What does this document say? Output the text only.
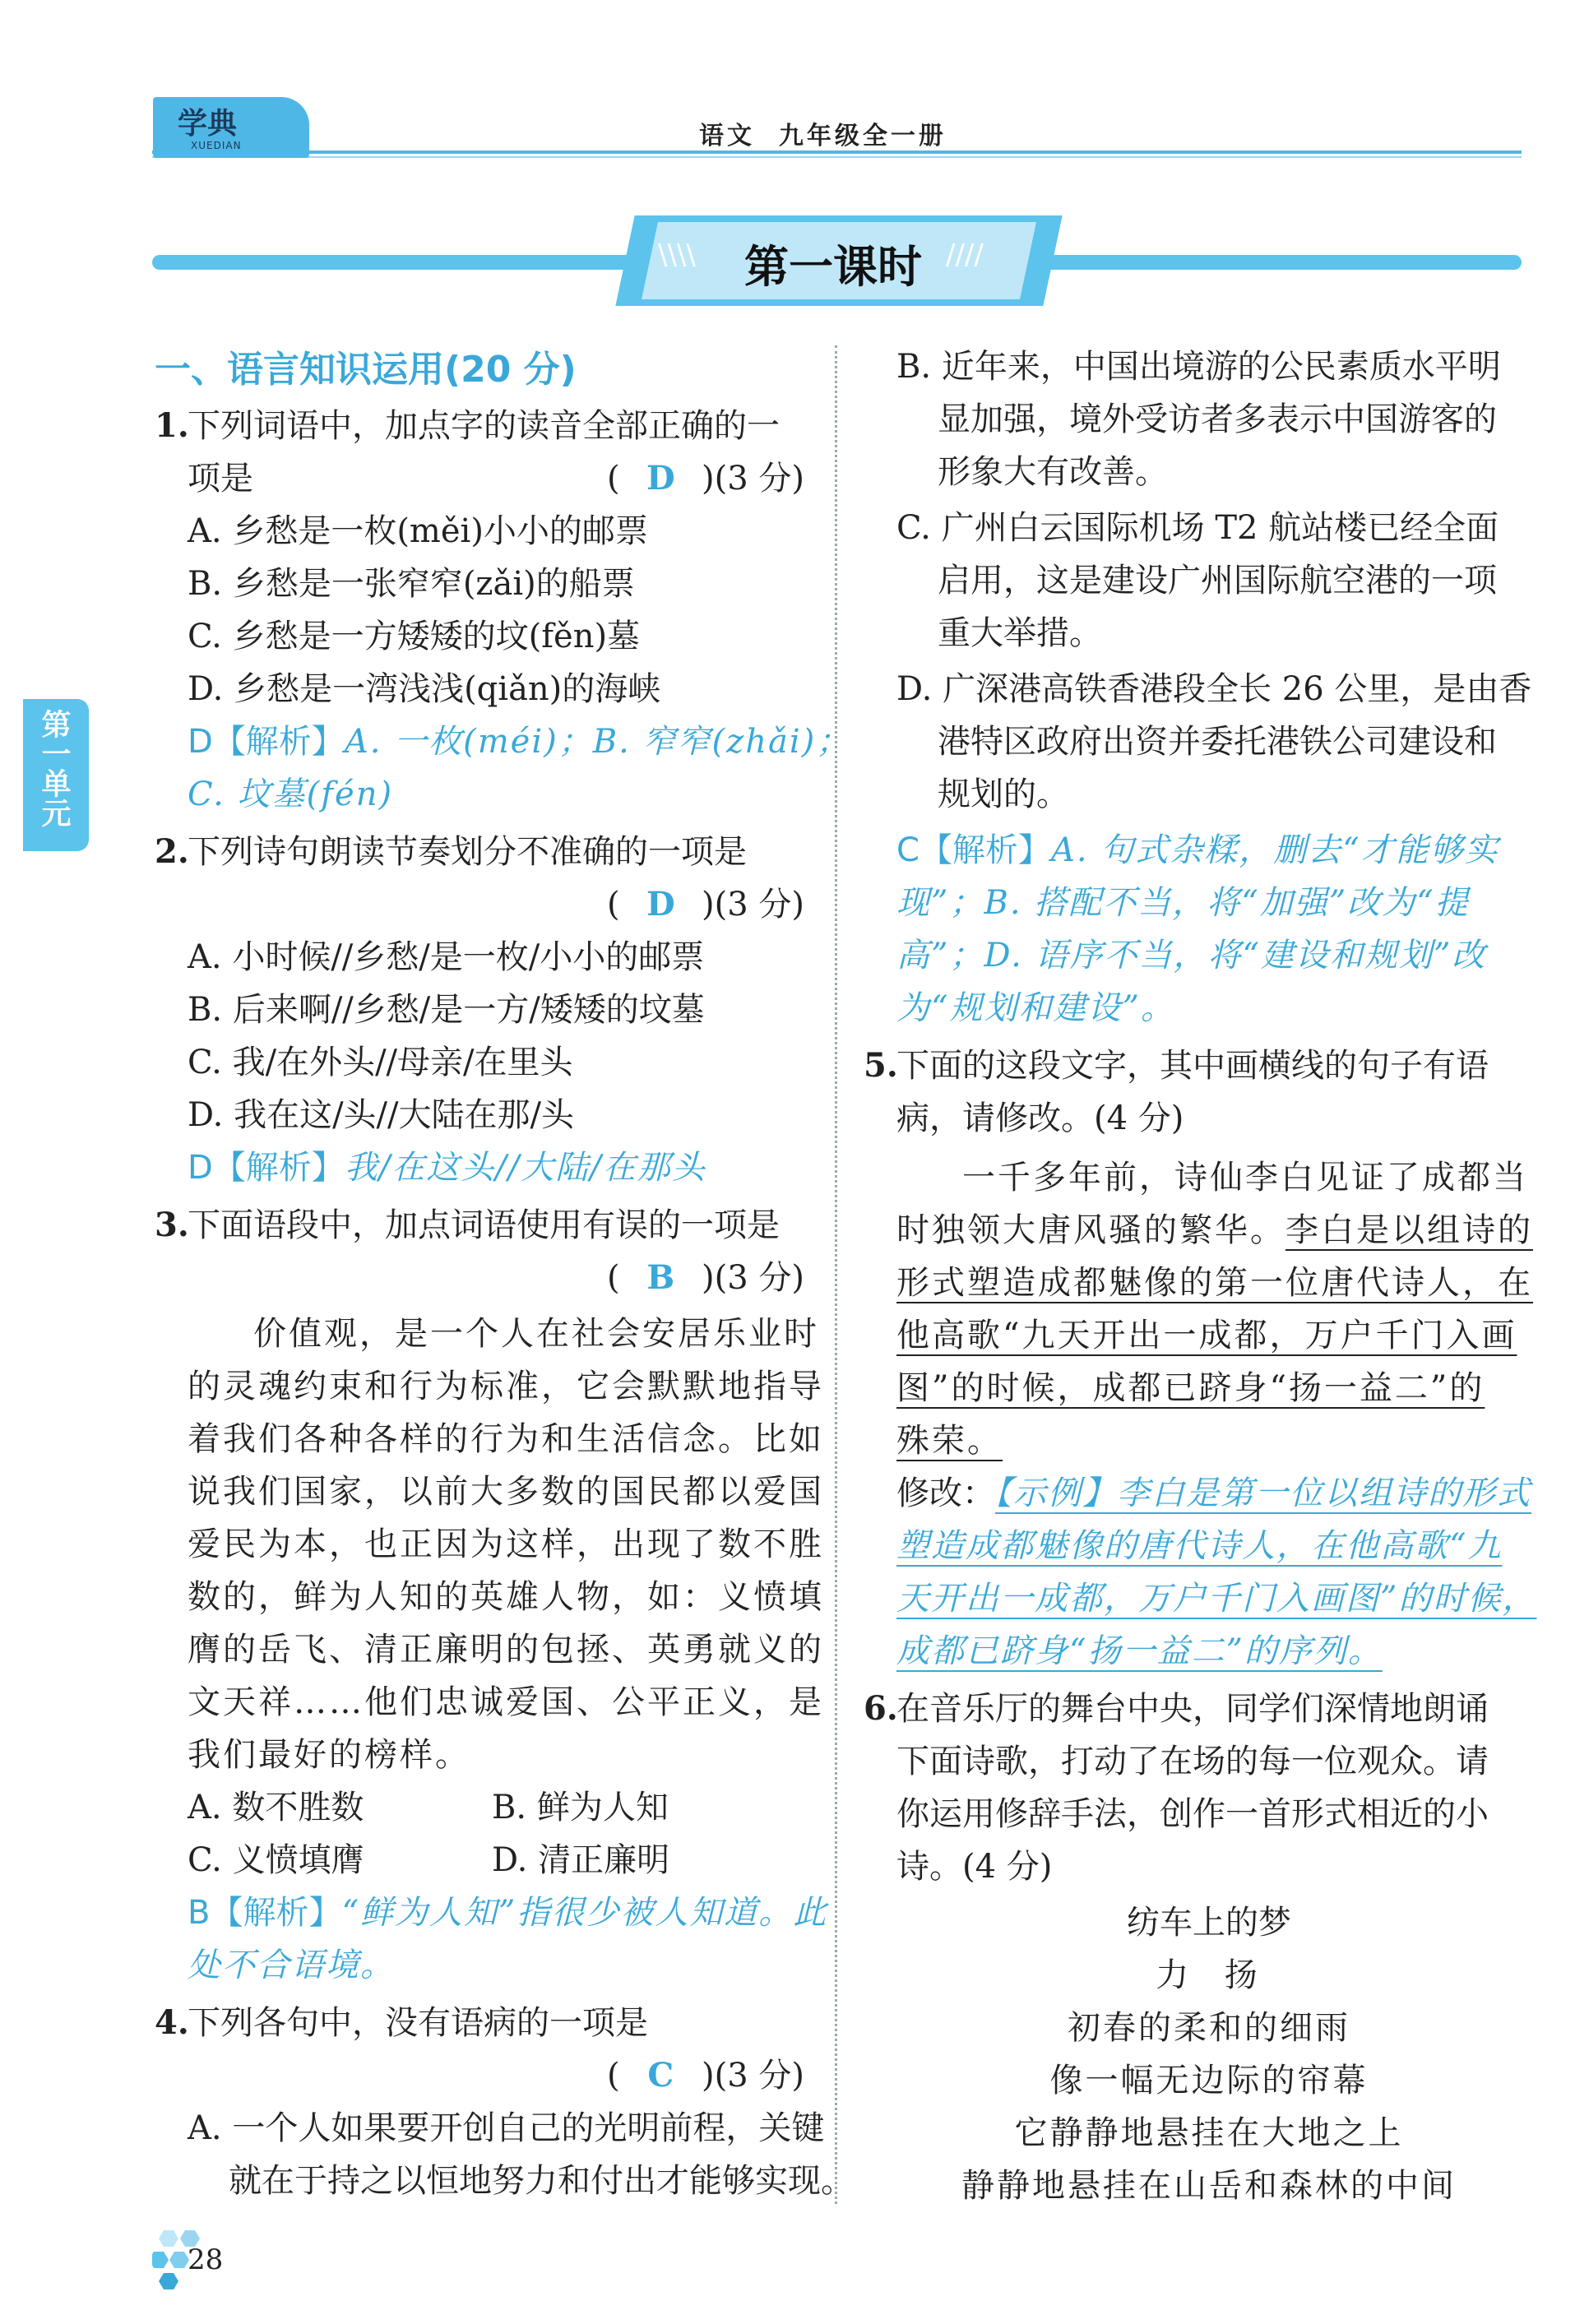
学典
XUEDIAN	语文  九年级全一册
\\\\ 第一课时 ////
第一单元
一、语言知识运用(20 分)
1.
下列词语中，加点字的读音全部正确的一
项是	( D )(3 分)
A. 乡愁是一枚(měi)小小的邮票
B. 乡愁是一张窄窄(zǎi)的船票
C. 乡愁是一方矮矮的坟(fěn)墓
D. 乡愁是一湾浅浅(qiǎn)的海峡
D【解析】A. 一枚(méi)；B. 窄窄(zhǎi)；
C. 坟墓(fén)
2.
下列诗句朗读节奏划分不准确的一项是
( D )(3 分)
A. 小时候//乡愁/是一枚/小小的邮票
B. 后来啊//乡愁/是一方/矮矮的坟墓
C. 我/在外头//母亲/在里头
D. 我在这/头//大陆在那/头
D【解析】我/在这头//大陆/在那头
3.
下面语段中，加点词语使用有误的一项是
( B )(3 分)
价值观，是一个人在社会安居乐业时
的灵魂约束和行为标准，它会默默地指导
着我们各种各样的行为和生活信念。比如
说我们国家，以前大多数的国民都以爱国
爱民为本，也正因为这样，出现了数不胜
数的，鲜为人知的英雄人物，如：义愤填
膺的岳飞、清正廉明的包拯、英勇就义的
文天祥……他们忠诚爱国、公平正义，是
我们最好的榜样。
A. 数不胜数	B. 鲜为人知
C. 义愤填膺	D. 清正廉明
B【解析】“鲜为人知”指很少被人知道。此
处不合语境。
4.
下列各句中，没有语病的一项是
( C )(3 分)
A. 一个人如果要开创自己的光明前程，关键
就在于持之以恒地努力和付出才能够实现。
B. 近年来，中国出境游的公民素质水平明
显加强，境外受访者多表示中国游客的
形象大有改善。
C. 广州白云国际机场 T2 航站楼已经全面
启用，这是建设广州国际航空港的一项
重大举措。
D. 广深港高铁香港段全长 26 公里，是由香
港特区政府出资并委托港铁公司建设和
规划的。
C【解析】A. 句式杂糅，删去“才能够实
现”；B. 搭配不当，将“加强”改为“提
高”；D. 语序不当，将“建设和规划”改
为“规划和建设”。
5.
下面的这段文字，其中画横线的句子有语
病，请修改。(4 分)
一千多年前，诗仙李白见证了成都当
时独领大唐风骚的繁华。李白是以组诗的
形式塑造成都魅像的第一位唐代诗人，在
他高歌“九天开出一成都，万户千门入画
图”的时候，成都已跻身“扬一益二”的
殊荣。
修改：【示例】李白是第一位以组诗的形式
塑造成都魅像的唐代诗人，在他高歌“九
天开出一成都，万户千门入画图”的时候，
成都已跻身“扬一益二”的序列。
6.
在音乐厅的舞台中央，同学们深情地朗诵
下面诗歌，打动了在场的每一位观众。请
你运用修辞手法，创作一首形式相近的小
诗。(4 分)
纺车上的梦
力  扬
初春的柔和的细雨
像一幅无边际的帘幕
它静静地悬挂在大地之上
静静地悬挂在山岳和森林的中间
28
